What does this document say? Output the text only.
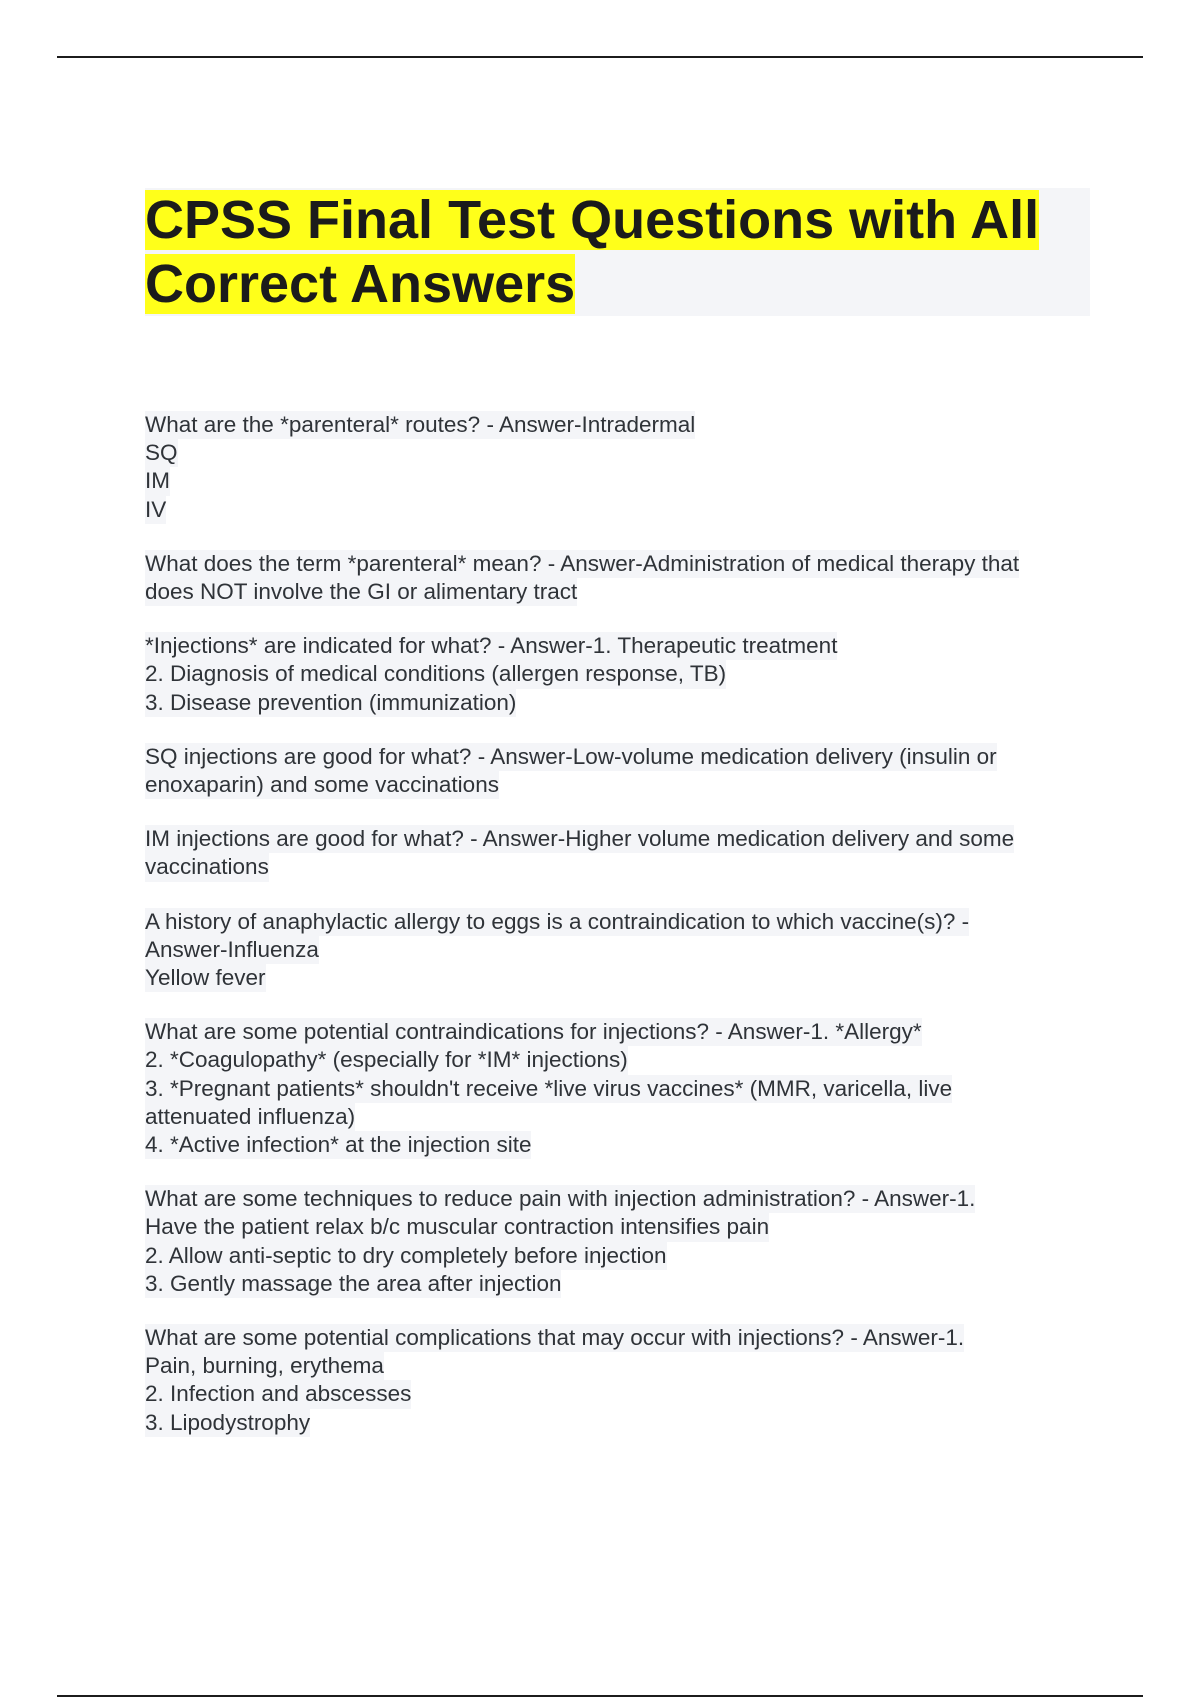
CPSS Final Test Questions with All
Correct Answers
What are the *parenteral* routes? - Answer-Intradermal
SQ
IM
IV
What does the term *parenteral* mean? - Answer-Administration of medical therapy that
does NOT involve the GI or alimentary tract
*Injections* are indicated for what? - Answer-1. Therapeutic treatment
2. Diagnosis of medical conditions (allergen response, TB)
3. Disease prevention (immunization)
SQ injections are good for what? - Answer-Low-volume medication delivery (insulin or
enoxaparin) and some vaccinations
IM injections are good for what? - Answer-Higher volume medication delivery and some
vaccinations
A history of anaphylactic allergy to eggs is a contraindication to which vaccine(s)? -
Answer-Influenza
Yellow fever
What are some potential contraindications for injections? - Answer-1. *Allergy*
2. *Coagulopathy* (especially for *IM* injections)
3. *Pregnant patients* shouldn't receive *live virus vaccines* (MMR, varicella, live
attenuated influenza)
4. *Active infection* at the injection site
What are some techniques to reduce pain with injection administration? - Answer-1.
Have the patient relax b/c muscular contraction intensifies pain
2. Allow anti-septic to dry completely before injection
3. Gently massage the area after injection
What are some potential complications that may occur with injections? - Answer-1.
Pain, burning, erythema
2. Infection and abscesses
3. Lipodystrophy
